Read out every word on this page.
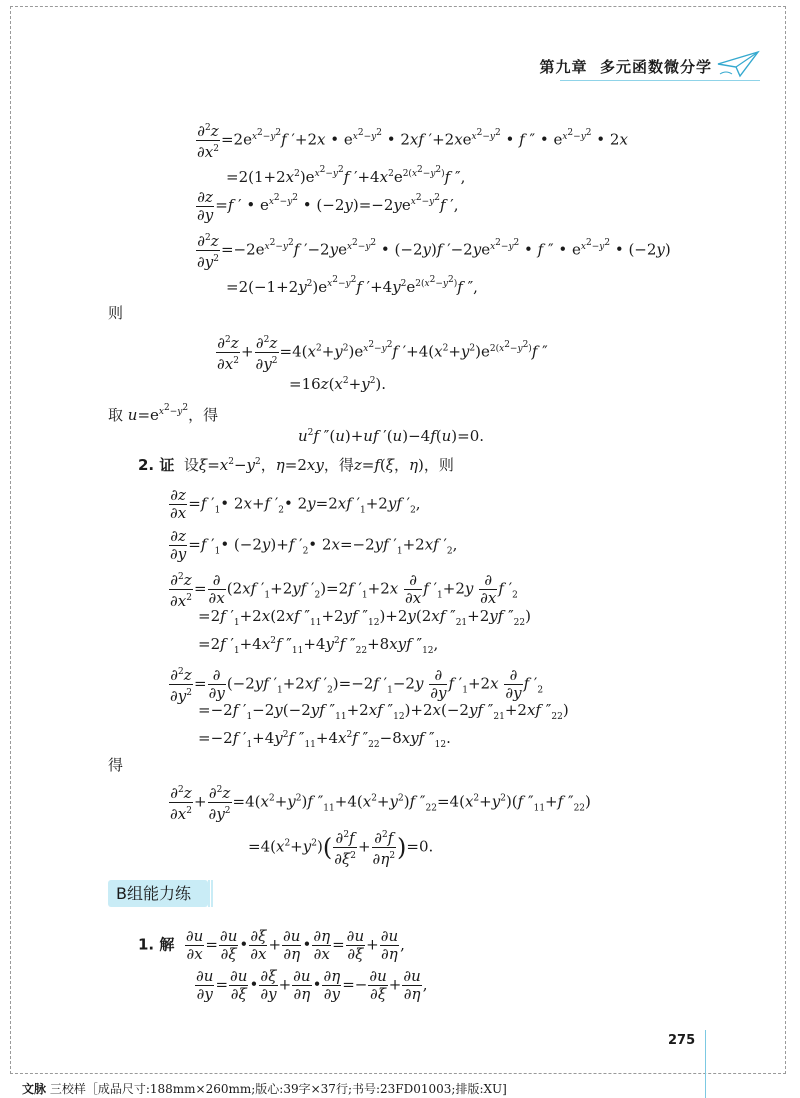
第九章 多元函数微分学
$\frac{\partial^2z}{\partial x^2} =2e^{x^2-y^2}f$ ′+2x • $e^{x^2-y^2}$ • 2xf $'+2xe^{x^2-y^2}$ • f ″ • $e^{x^2-y^2}$ • 2x
$=2(1+2x^2)e^{x^2-y^2}f$ $'+4x^2e^{2(x^2-y^2)}f$ ″,
$\frac{\partial z}{\partial y} =f$ ′ • $e^{x^2-y^2}$ • $(-2y)=-2ye^{x^2-y^2}f$ ′,
$\frac{\partial^2z}{\partial y^2} =-2e^{x^2-y^2}f$ $'-2ye^{x^2-y^2}$ • (−2y)f $'-2ye^{x^2-y^2}$ • f ″ • $e^{x^2-y^2}$ • (−2y)
$=2(-1+2y^2)e^{x^2-y^2}f$ $'+4y^2e^{2(x^2-y^2)}f$ ″,
则
$\frac{\partial^2z}{\partial x^2} + \frac{\partial^2z}{\partial y^2} =4(x^2+y^2)e^{x^2-y^2}f$ $'+4(x^2+y^2)e^{2(x^2-y^2)}f$ ″
$=16z(x^2+y^2)$.
取 $u=e^{x^2-y^2}$，得
$u^2f$ ″(u)+uf ′(u)−4f(u)=0.
2. 证 设$\xi=x^2-y^2$，η=2xy，得z=f(ξ，η)，则
$\frac{\partial z}{\partial x} =f$ $'_1•$ 2x+f $'_2•$ 2y=2xf $'_1+2yf$ $'_2$,
$\frac{\partial z}{\partial y} =f$ $'_1•$ (−2y)+f $'_2•$ 2x=−2yf $'_1+2xf$ $'_2$,
$\frac{\partial^2z}{\partial x^2} = \frac{\partial}{\partial x} (2xf$ $'_1+2yf$ $'_2)=2f$ $'_1+2x \frac{\partial}{\partial x}$ f $'_1+2y \frac{\partial}{\partial x}$ f $'_2$
=2f $'_1+2x(2xf$ $''_{11}+2yf$ $''_{12})+2y(2xf$ $''_{21}+2yf$ $''_{22}$)
=2f $'_1+4x^2f$ $''_{11}+4y^2f$ $''_{22}+8xyf$ $''_{12}$,
$\frac{\partial^2z}{\partial y^2} = \frac{\partial}{\partial y} (-2yf$ $'_1+2xf$ $'_2)=-2f$ $'_1-2y \frac{\partial}{\partial y}$ f $'_1+2x \frac{\partial}{\partial y}$ f $'_2$
=−2f $'_1-2y(-2yf$ $''_{11}+2xf$ $''_{12})+2x(-2yf$ $''_{21}+2xf$ $''_{22}$)
=−2f $'_1+4y^2f$ $''_{11}+4x^2f$ $''_{22}-8xyf$ $''_{12}$.
得
$\frac{\partial^2z}{\partial x^2} + \frac{\partial^2z}{\partial y^2} =4(x^2+y^2)f$ $''_{11}+4(x^2+y^2)f$ $''_{22}=4(x^2+y^2)(f$ $''_{11}+f$ $''_{22}$)
$=4(x^2+y^2)( \frac{\partial^2f}{\partial\xi^2} + \frac{\partial^2f}{\partial\eta^2} )=0$.
B组能力练
1. 解 $\frac{\partial u}{\partial x} = \frac{\partial u}{\partial\xi}$ • $\frac{\partial\xi}{\partial x} + \frac{\partial u}{\partial\eta}$ • $\frac{\partial\eta}{\partial x} = \frac{\partial u}{\partial\xi} + \frac{\partial u}{\partial\eta}$ ,
$\frac{\partial u}{\partial y} = \frac{\partial u}{\partial\xi}$ • $\frac{\partial\xi}{\partial y} + \frac{\partial u}{\partial\eta}$ • $\frac{\partial\eta}{\partial y} =- \frac{\partial u}{\partial\xi} + \frac{\partial u}{\partial\eta}$ ,
275
文脉 三校样［成品尺寸:188mm×260mm;版心:39字×37行;书号:23FD01003;排版:XU]
